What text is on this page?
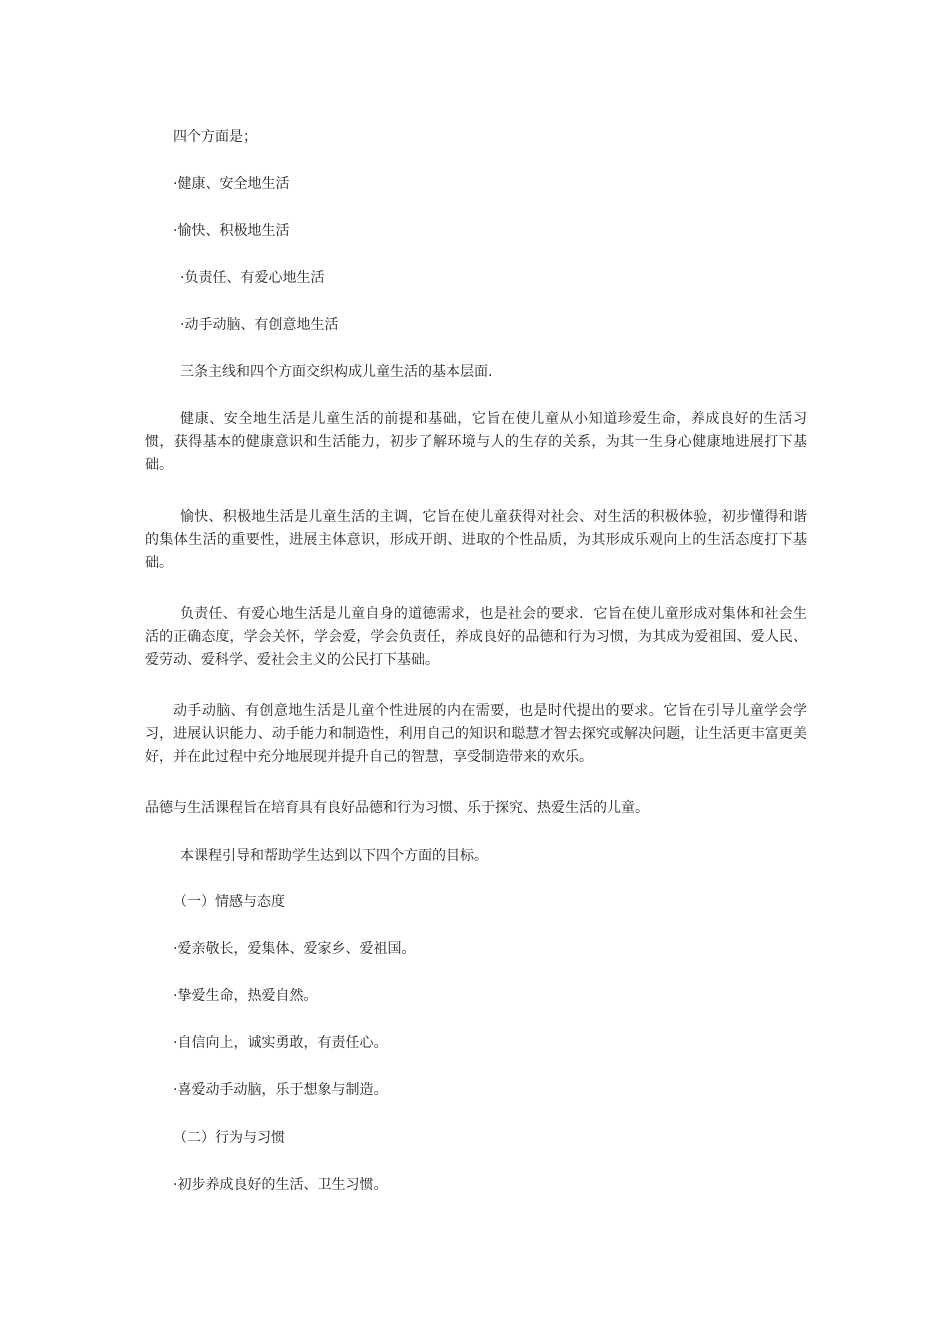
四个方面是；

·健康、安全地生活

·愉快、积极地生活

·负责任、有爱心地生活

·动手动脑、有创意地生活

三条主线和四个方面交织构成儿童生活的基本层面.

健康、安全地生活是儿童生活的前提和基础，它旨在使儿童从小知道珍爱生命，养成良好的生活习惯，获得基本的健康意识和生活能力，初步了解环境与人的生存的关系，为其一生身心健康地进展打下基础。

愉快、积极地生活是儿童生活的主调，它旨在使儿童获得对社会、对生活的积极体验，初步懂得和谐的集体生活的重要性，进展主体意识，形成开朗、进取的个性品质，为其形成乐观向上的生活态度打下基础。

负责任、有爱心地生活是儿童自身的道德需求，也是社会的要求．它旨在使儿童形成对集体和社会生活的正确态度，学会关怀，学会爱，学会负责任，养成良好的品德和行为习惯，为其成为爱祖国、爱人民、爱劳动、爱科学、爱社会主义的公民打下基础。

动手动脑、有创意地生活是儿童个性进展的内在需要，也是时代提出的要求。它旨在引导儿童学会学习，进展认识能力、动手能力和制造性，利用自己的知识和聪慧才智去探究或解决问题，让生活更丰富更美好，并在此过程中充分地展现并提升自己的智慧，享受制造带来的欢乐。

品德与生活课程旨在培育具有良好品德和行为习惯、乐于探究、热爱生活的儿童。

本课程引导和帮助学生达到以下四个方面的目标。

（一）情感与态度

·爱亲敬长，爱集体、爱家乡、爱祖国。

·挚爱生命，热爱自然。

·自信向上，诚实勇敢，有责任心。

·喜爱动手动脑，乐于想象与制造。

（二）行为与习惯

·初步养成良好的生活、卫生习惯。
